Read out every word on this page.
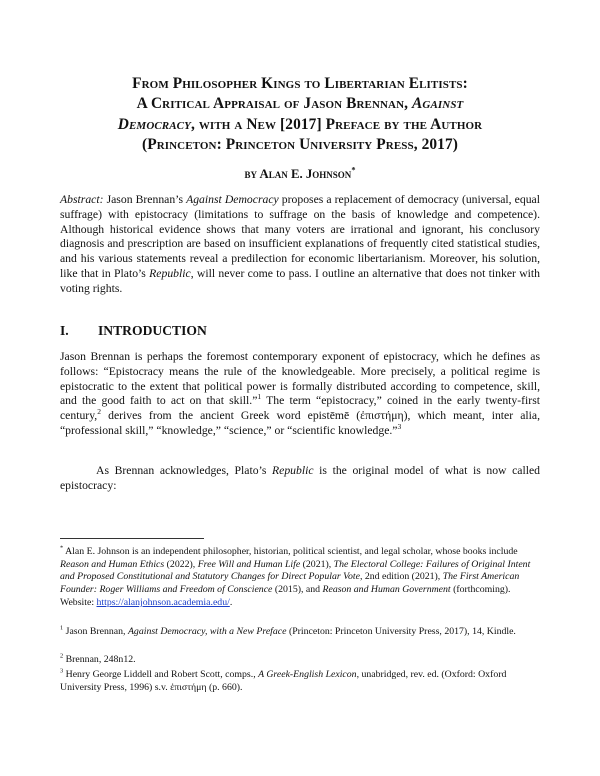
From Philosopher Kings to Libertarian Elitists:
A Critical Appraisal of Jason Brennan, Against
Democracy, with a New [2017] Preface by the Author
(Princeton: Princeton University Press, 2017)
by Alan E. Johnson*

Abstract: Jason Brennan’s Against Democracy proposes a replacement of democracy (universal, equal suffrage) with epistocracy (limitations to suffrage on the basis of knowledge and competence). Although historical evidence shows that many voters are irrational and ignorant, his conclusory diagnosis and prescription are based on insufficient explanations of frequently cited statistical studies, and his various statements reveal a predilection for economic libertarianism. Moreover, his solution, like that in Plato’s Republic, will never come to pass. I outline an alternative that does not tinker with voting rights.

I. INTRODUCTION

Jason Brennan is perhaps the foremost contemporary exponent of epistocracy, which he defines as follows: “Epistocracy means the rule of the knowledgeable. More precisely, a political regime is epistocratic to the extent that political power is formally distributed according to competence, skill, and the good faith to act on that skill.”$^1$ The term “epistocracy,” coined in the early twenty-first century,$^2$ derives from the ancient Greek word epistēmē (ἐπιστήμη), which meant, inter alia, “professional skill,” “knowledge,” “science,” or “scientific knowledge.”$^3$

As Brennan acknowledges, Plato’s Republic is the original model of what is now called epistocracy:

* Alan E. Johnson is an independent philosopher, historian, political scientist, and legal scholar, whose books include Reason and Human Ethics (2022), Free Will and Human Life (2021), The Electoral College: Failures of Original Intent and Proposed Constitutional and Statutory Changes for Direct Popular Vote, 2nd edition (2021), The First American Founder: Roger Williams and Freedom of Conscience (2015), and Reason and Human Government (forthcoming). Website: https://alanjohnson.academia.edu/.

$^1$ Jason Brennan, Against Democracy, with a New Preface (Princeton: Princeton University Press, 2017), 14, Kindle.

$^2$ Brennan, 248n12.

$^3$ Henry George Liddell and Robert Scott, comps., A Greek-English Lexicon, unabridged, rev. ed. (Oxford: Oxford University Press, 1996) s.v. ἐπιστήμη (p. 660).
